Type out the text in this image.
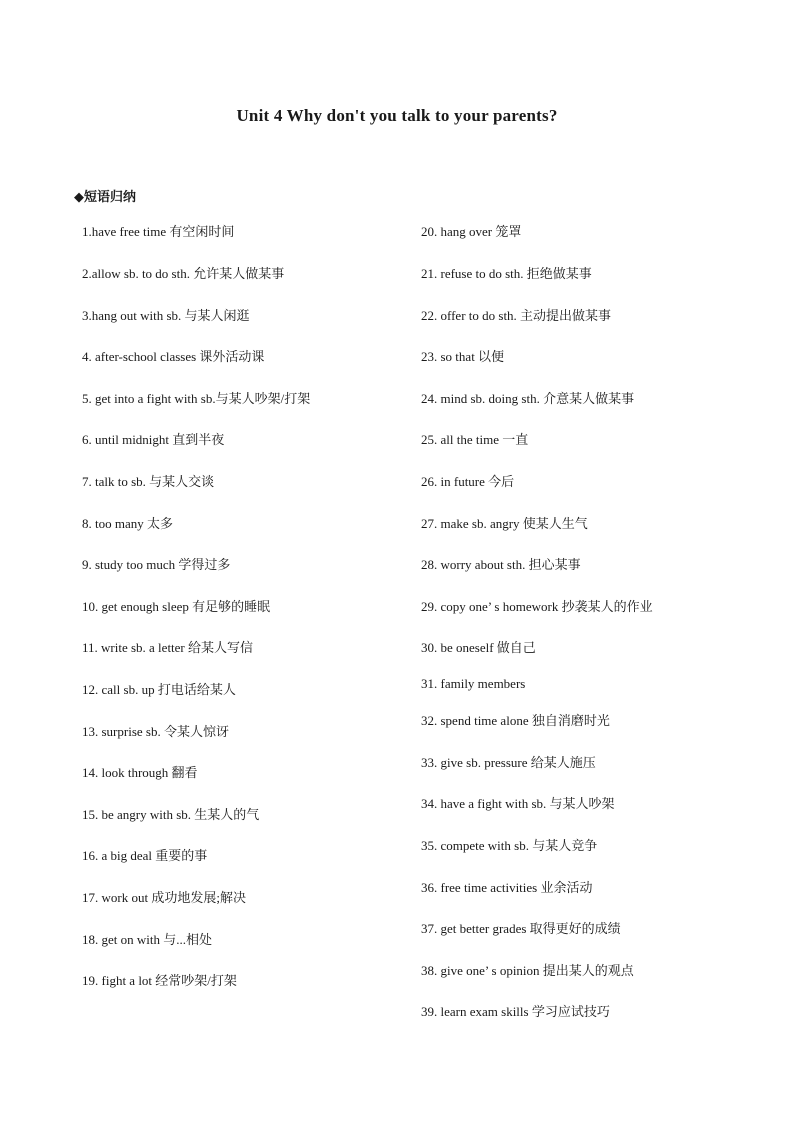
Unit 4 Why don't you talk to your parents?
◆短语归纳
1.have free time 有空闲时间
2.allow sb. to do sth. 允许某人做某事
3.hang out with sb. 与某人闲逛
4. after-school classes 课外活动课
5. get into a fight with sb.与某人吵架/打架
6. until midnight 直到半夜
7. talk to sb. 与某人交谈
8. too many 太多
9. study too much 学得过多
10. get enough sleep 有足够的睡眠
11. write sb. a letter 给某人写信
12. call sb. up 打电话给某人
13. surprise sb. 令某人惊讶
14. look through 翻看
15. be angry with sb. 生某人的气
16. a big deal 重要的事
17. work out 成功地发展;解决
18. get on with 与...相处
19. fight a lot 经常吵架/打架
20. hang over 笼罩
21. refuse to do sth. 拒绝做某事
22. offer to do sth. 主动提出做某事
23. so that 以便
24. mind sb. doing sth. 介意某人做某事
25. all the time 一直
26. in future 今后
27. make sb. angry 使某人生气
28. worry about sth. 担心某事
29. copy one’ s homework 抄袭某人的作业
30. be oneself 做自己
31. family members
32. spend time alone 独自消磨时光
33. give sb. pressure 给某人施压
34. have a fight with sb. 与某人吵架
35. compete with sb. 与某人竞争
36. free time activities 业余活动
37. get better grades 取得更好的成绩
38. give one’ s opinion 提出某人的观点
39. learn exam skills 学习应试技巧
